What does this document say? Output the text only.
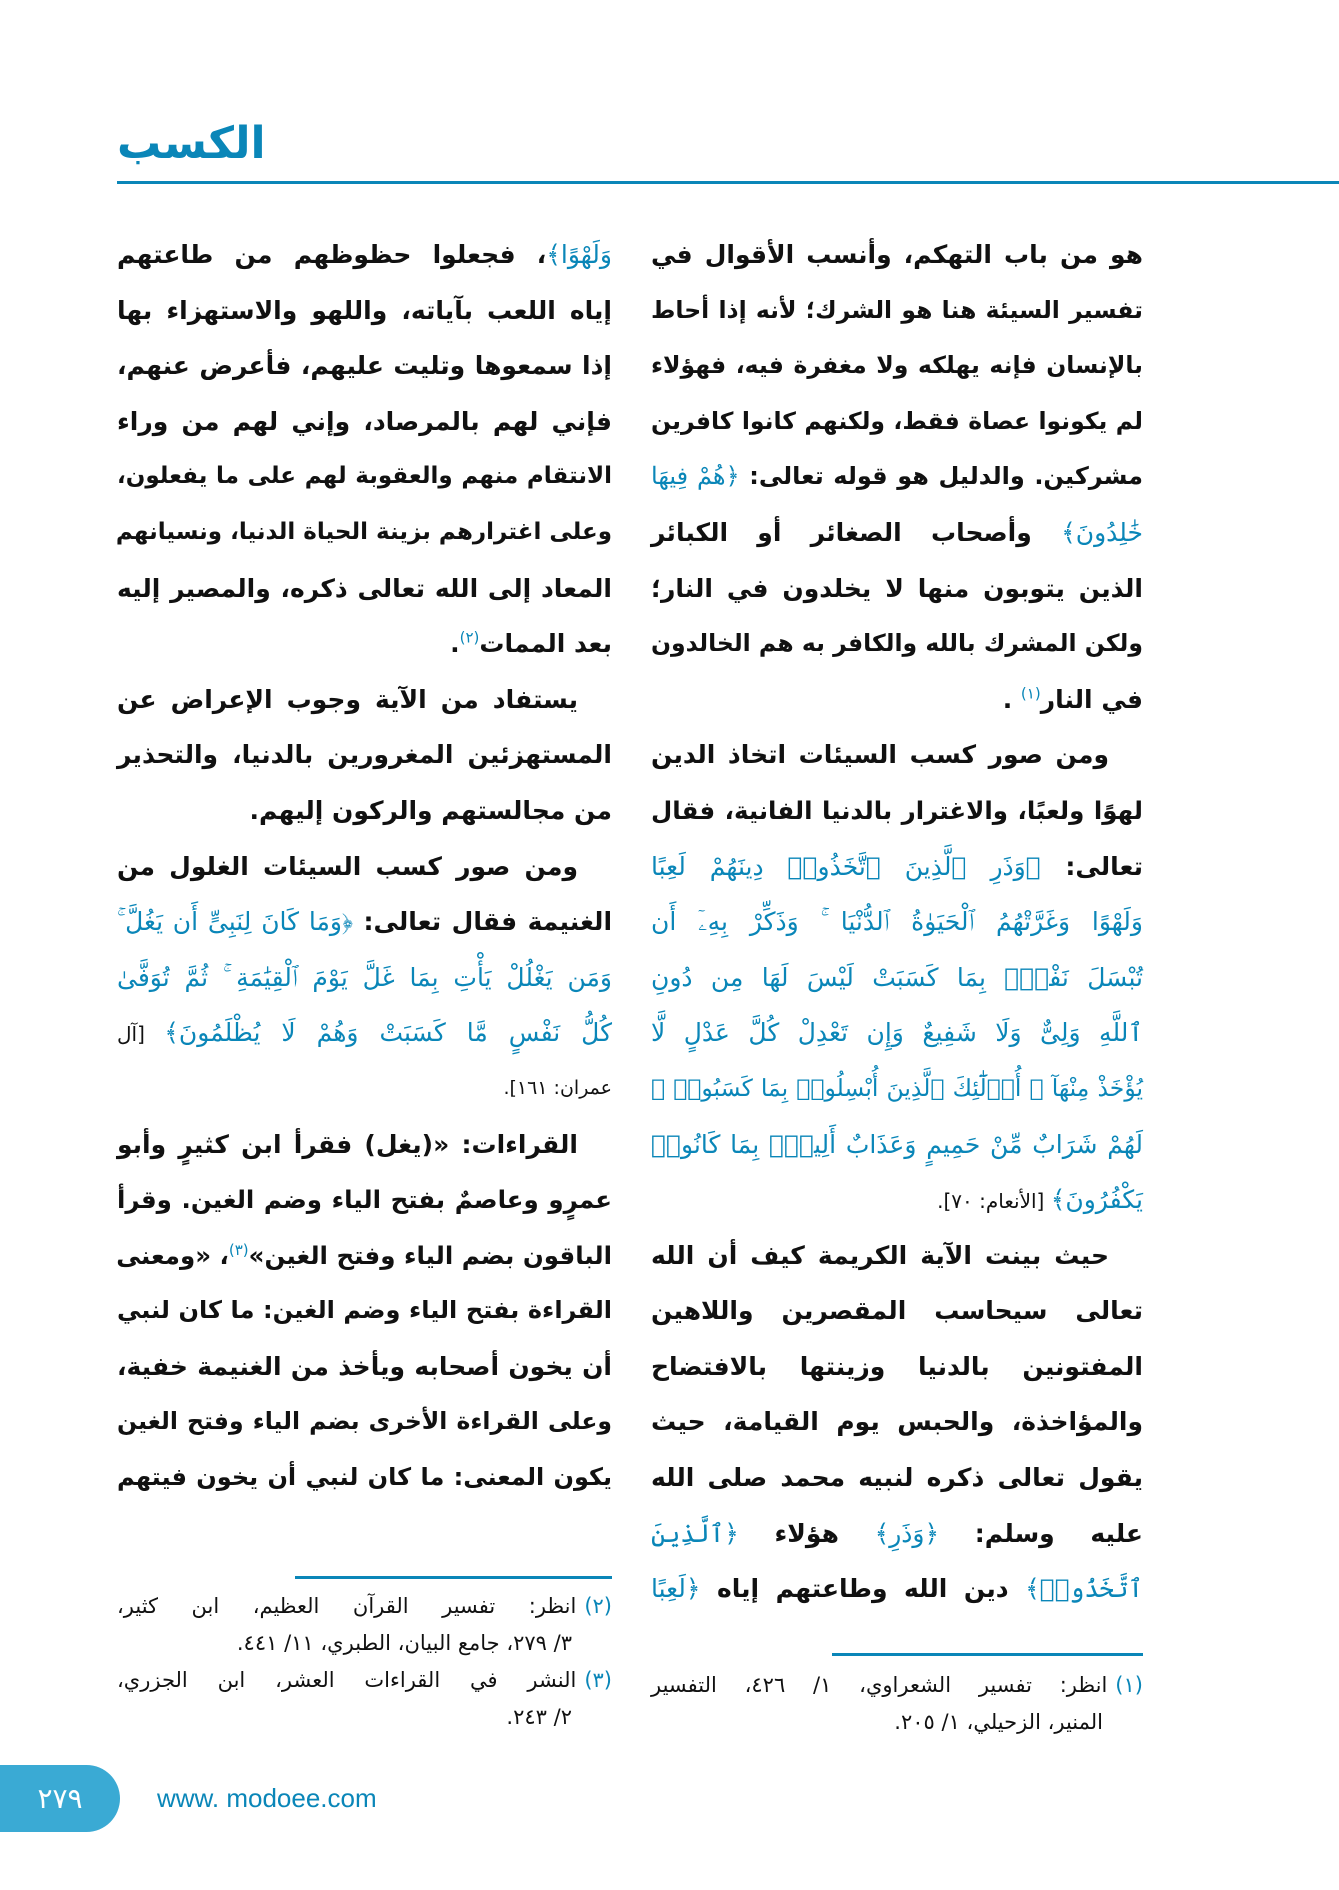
الكسب
هو من باب التهكم، وأنسب الأقوال في
تفسير السيئة هنا هو الشرك؛ لأنه إذا أحاط
بالإنسان فإنه يهلكه ولا مغفرة فيه، فهؤلاء
لم يكونوا عصاة فقط، ولكنهم كانوا كافرين
مشركين. والدليل هو قوله تعالى: ﴿هُمْ فِيهَا
خَٰلِدُونَ﴾ وأصحاب الصغائر أو الكبائر
الذين يتوبون منها لا يخلدون في النار؛
ولكن المشرك بالله والكافر به هم الخالدون
في النار$^{(١)}$ .
ومن صور كسب السيئات اتخاذ الدين
لهوًا ولعبًا، والاغترار بالدنيا الفانية، فقال
تعالى: ﴿وَذَرِ ٱلَّذِينَ ٱتَّخَذُوا۟ دِينَهُمْ لَعِبًا
وَلَهْوًا وَغَرَّتْهُمُ ٱلْحَيَوٰةُ ٱلدُّنْيَا ۚ وَذَكِّرْ بِهِۦٓ أَن
تُبْسَلَ نَفْسٌۢ بِمَا كَسَبَتْ لَيْسَ لَهَا مِن دُونِ
ٱللَّهِ وَلِىٌّ وَلَا شَفِيعٌ وَإِن تَعْدِلْ كُلَّ عَدْلٍ لَّا
يُؤْخَذْ مِنْهَآ ۗ أُو۟لَٰٓئِكَ ٱلَّذِينَ أُبْسِلُوا۟ بِمَا كَسَبُوا۟ ۖ
لَهُمْ شَرَابٌ مِّنْ حَمِيمٍ وَعَذَابٌ أَلِيمٌۢ بِمَا كَانُوا۟
يَكْفُرُونَ﴾ [الأنعام: ٧٠].
حيث بينت الآية الكريمة كيف أن الله
تعالى سيحاسب المقصرين واللاهين
المفتونين بالدنيا وزينتها بالافتضاح
والمؤاخذة، والحبس يوم القيامة، حيث
يقول تعالى ذكره لنبيه محمد صلى الله
عليه وسلم: ﴿وَذَرِ﴾ هؤلاء ﴿ٱلَّذِينَ
ٱتَّخَذُوا۟﴾ دين الله وطاعتهم إياه ﴿لَعِبًا
وَلَهْوًا﴾، فجعلوا حظوظهم من طاعتهم
إياه اللعب بآياته، واللهو والاستهزاء بها
إذا سمعوها وتليت عليهم، فأعرض عنهم،
فإني لهم بالمرصاد، وإني لهم من وراء
الانتقام منهم والعقوبة لهم على ما يفعلون،
وعلى اغترارهم بزينة الحياة الدنيا، ونسيانهم
المعاد إلى الله تعالى ذكره، والمصير إليه
بعد الممات$^{(٢)}$.
يستفاد من الآية وجوب الإعراض عن
المستهزئين المغرورين بالدنيا، والتحذير
من مجالستهم والركون إليهم.
ومن صور كسب السيئات الغلول من
الغنيمة فقال تعالى: ﴿وَمَا كَانَ لِنَبِىٍّ أَن يَغُلَّ ۚ
وَمَن يَغْلُلْ يَأْتِ بِمَا غَلَّ يَوْمَ ٱلْقِيَٰمَةِ ۚ ثُمَّ تُوَفَّىٰ
كُلُّ نَفْسٍ مَّا كَسَبَتْ وَهُمْ لَا يُظْلَمُونَ﴾ [آل
عمران: ١٦١].
القراءات: «(يغل) فقرأ ابن كثيرٍ وأبو
عمرٍو وعاصمٌ بفتح الياء وضم الغين. وقرأ
الباقون بضم الياء وفتح الغين»$^{(٣)}$، «ومعنى
القراءة بفتح الياء وضم الغين: ما كان لنبي
أن يخون أصحابه ويأخذ من الغنيمة خفية،
وعلى القراءة الأخرى بضم الياء وفتح الغين
يكون المعنى: ما كان لنبي أن يخون فيتهم
(١)انظر: تفسير الشعراوي، ١/ ٤٢٦، التفسير
المنير، الزحيلي، ١/ ٢٠٥.
(٢)انظر: تفسير القرآن العظيم، ابن كثير،
٣/ ٢٧٩، جامع البيان، الطبري، ١١/ ٤٤١.
(٣)النشر في القراءات العشر، ابن الجزري،
٢/ ٢٤٣.
٢٧٩	www. modoee.com
